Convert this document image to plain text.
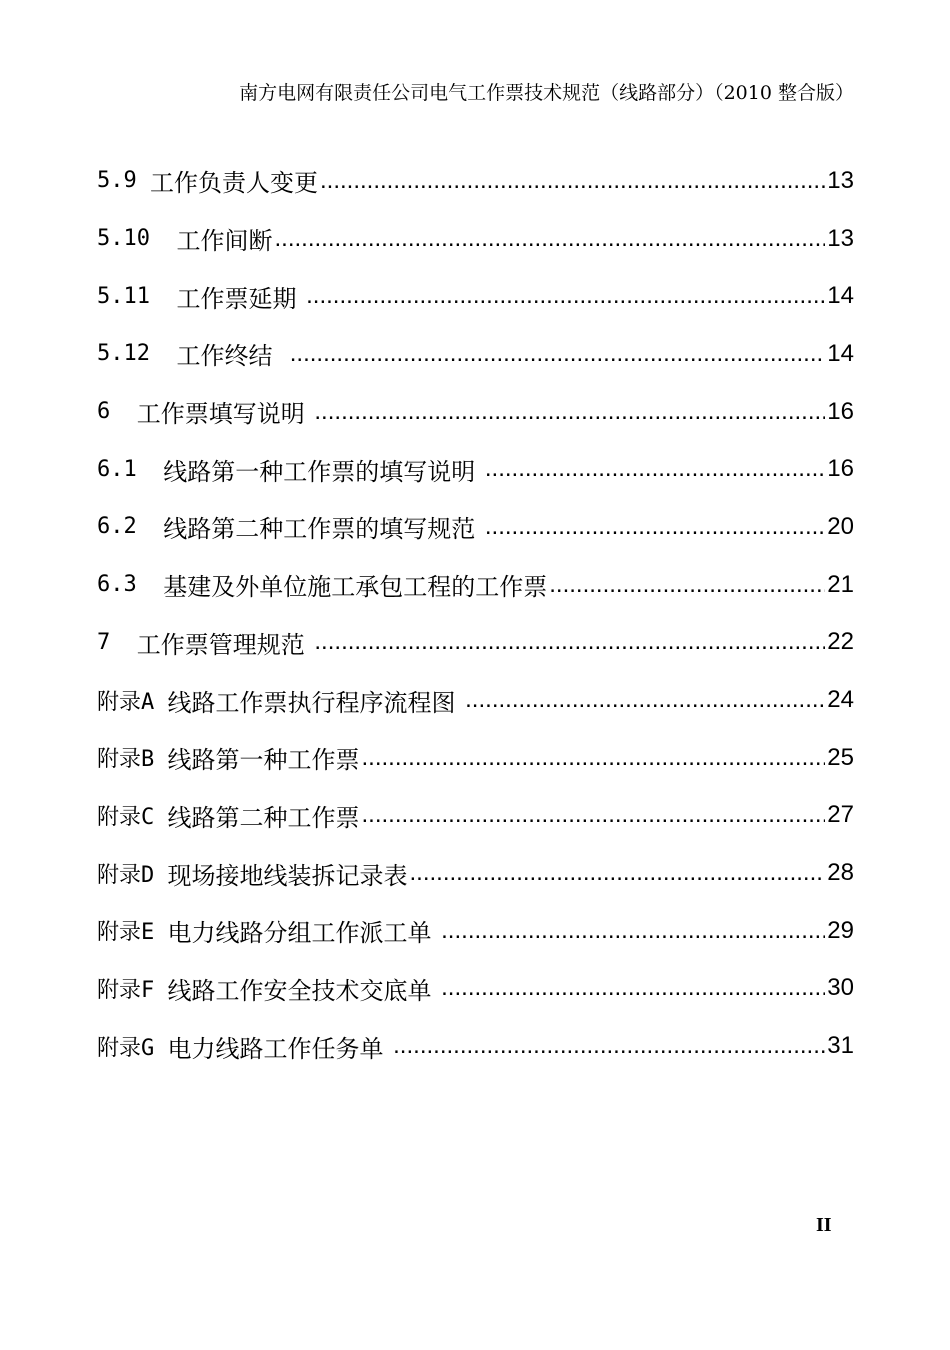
南方电网有限责任公司电气工作票技术规范（线路部分）（2010 整合版）
5.9 工作负责人变更 .....	13
5.10 工作间断 .....	13
5.11 工作票延期 .....	14
5.12 工作终结 .....	14
6 工作票填写说明 .....	16
6.1 线路第一种工作票的填写说明 .....	16
6.2 线路第二种工作票的填写规范 .....	20
6.3 基建及外单位施工承包工程的工作票 .....	21
7 工作票管理规范 .....	22
附录A 线路工作票执行程序流程图 .....	24
附录B 线路第一种工作票 .....	25
附录C 线路第二种工作票 .....	27
附录D 现场接地线装拆记录表 .....	28
附录E 电力线路分组工作派工单 .....	29
附录F 线路工作安全技术交底单 .....	30
附录G 电力线路工作任务单 .....	31
II
